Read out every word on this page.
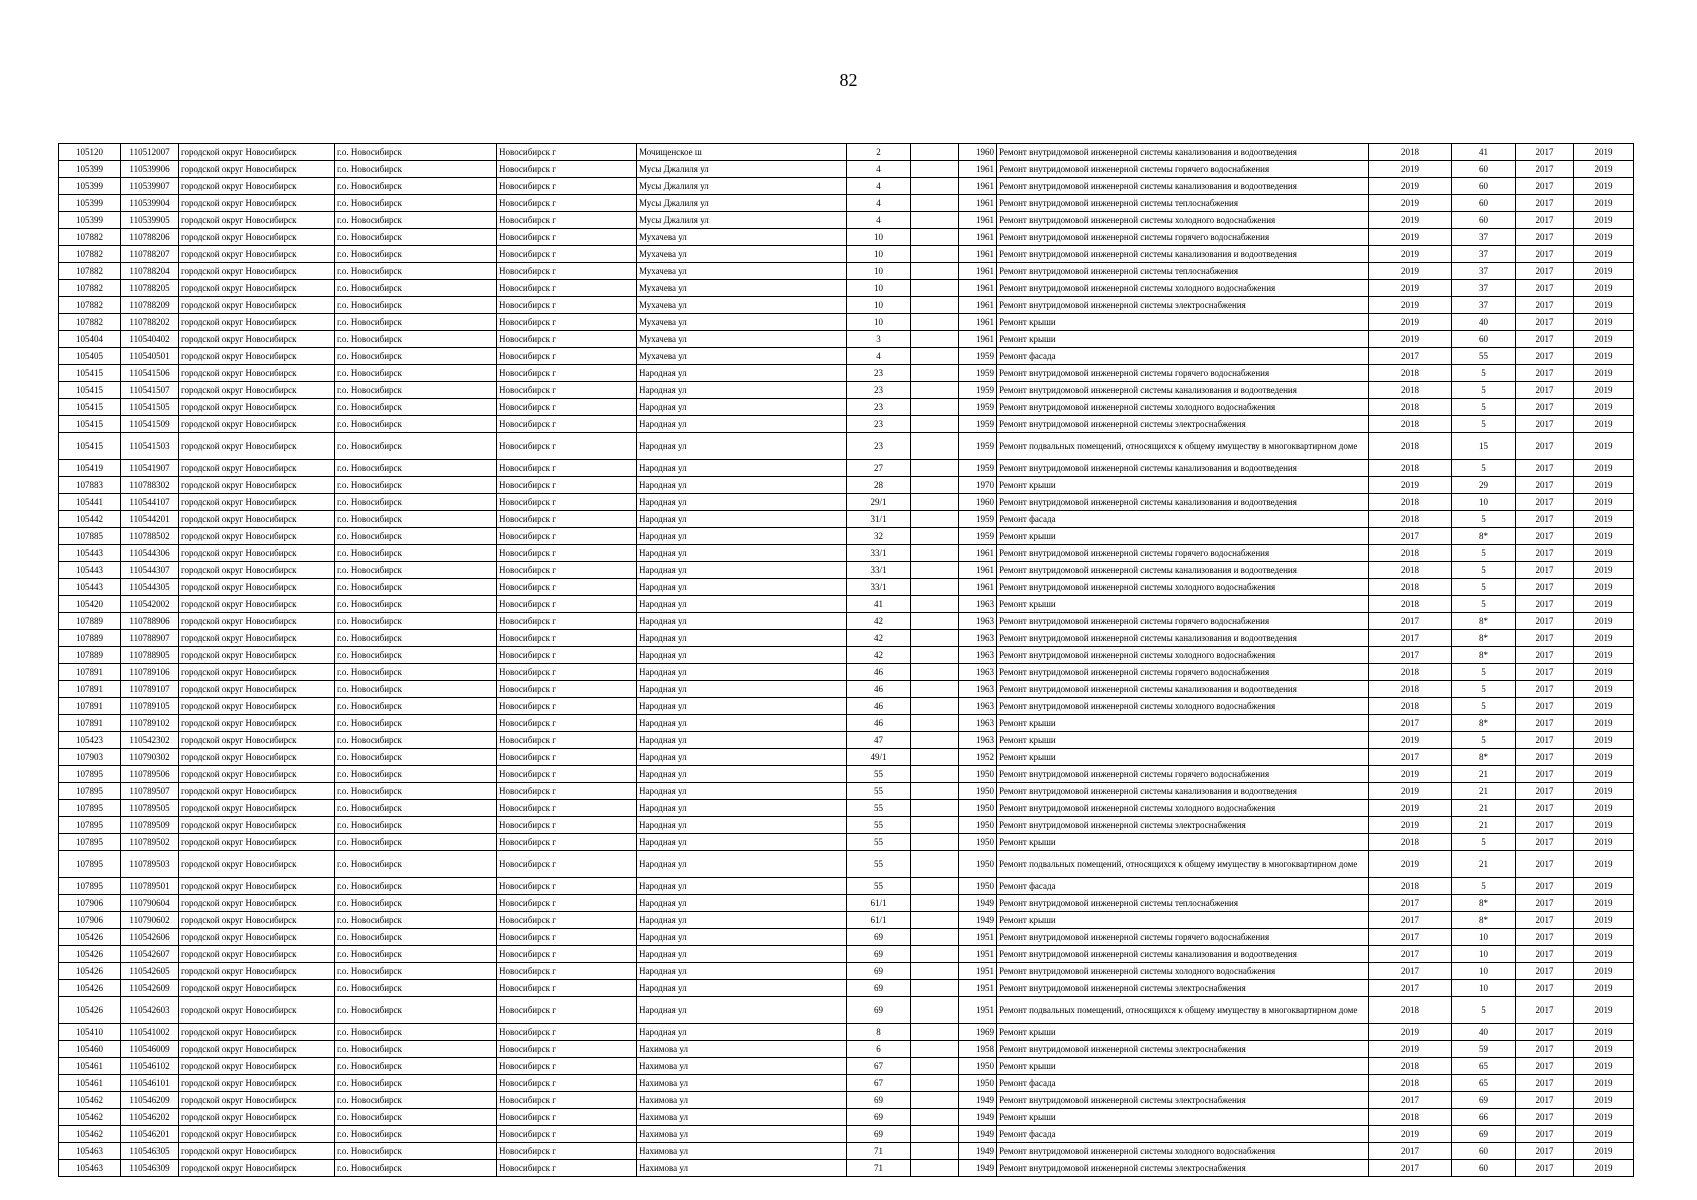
82
105120	110512007	городской округ Новосибирск	г.о. Новосибирск	Новосибирск г	Мочищенское ш	2		1960	Ремонт внутридомовой инженерной системы канализования и водоотведения	2018	41	2017	2019
105399	110539906	городской округ Новосибирск	г.о. Новосибирск	Новосибирск г	Мусы Джалиля ул	4		1961	Ремонт внутридомовой инженерной системы горячего водоснабжения	2019	60	2017	2019
105399	110539907	городской округ Новосибирск	г.о. Новосибирск	Новосибирск г	Мусы Джалиля ул	4		1961	Ремонт внутридомовой инженерной системы канализования и водоотведения	2019	60	2017	2019
105399	110539904	городской округ Новосибирск	г.о. Новосибирск	Новосибирск г	Мусы Джалиля ул	4		1961	Ремонт внутридомовой инженерной системы теплоснабжения	2019	60	2017	2019
105399	110539905	городской округ Новосибирск	г.о. Новосибирск	Новосибирск г	Мусы Джалиля ул	4		1961	Ремонт внутридомовой инженерной системы холодного водоснабжения	2019	60	2017	2019
107882	110788206	городской округ Новосибирск	г.о. Новосибирск	Новосибирск г	Мухачева ул	10		1961	Ремонт внутридомовой инженерной системы горячего водоснабжения	2019	37	2017	2019
107882	110788207	городской округ Новосибирск	г.о. Новосибирск	Новосибирск г	Мухачева ул	10		1961	Ремонт внутридомовой инженерной системы канализования и водоотведения	2019	37	2017	2019
107882	110788204	городской округ Новосибирск	г.о. Новосибирск	Новосибирск г	Мухачева ул	10		1961	Ремонт внутридомовой инженерной системы теплоснабжения	2019	37	2017	2019
107882	110788205	городской округ Новосибирск	г.о. Новосибирск	Новосибирск г	Мухачева ул	10		1961	Ремонт внутридомовой инженерной системы холодного водоснабжения	2019	37	2017	2019
107882	110788209	городской округ Новосибирск	г.о. Новосибирск	Новосибирск г	Мухачева ул	10		1961	Ремонт внутридомовой инженерной системы электроснабжения	2019	37	2017	2019
107882	110788202	городской округ Новосибирск	г.о. Новосибирск	Новосибирск г	Мухачева ул	10		1961	Ремонт крыши	2019	40	2017	2019
105404	110540402	городской округ Новосибирск	г.о. Новосибирск	Новосибирск г	Мухачева ул	3		1961	Ремонт крыши	2019	60	2017	2019
105405	110540501	городской округ Новосибирск	г.о. Новосибирск	Новосибирск г	Мухачева ул	4		1959	Ремонт фасада	2017	55	2017	2019
105415	110541506	городской округ Новосибирск	г.о. Новосибирск	Новосибирск г	Народная ул	23		1959	Ремонт внутридомовой инженерной системы горячего водоснабжения	2018	5	2017	2019
105415	110541507	городской округ Новосибирск	г.о. Новосибирск	Новосибирск г	Народная ул	23		1959	Ремонт внутридомовой инженерной системы канализования и водоотведения	2018	5	2017	2019
105415	110541505	городской округ Новосибирск	г.о. Новосибирск	Новосибирск г	Народная ул	23		1959	Ремонт внутридомовой инженерной системы холодного водоснабжения	2018	5	2017	2019
105415	110541509	городской округ Новосибирск	г.о. Новосибирск	Новосибирск г	Народная ул	23		1959	Ремонт внутридомовой инженерной системы электроснабжения	2018	5	2017	2019
105415	110541503	городской округ Новосибирск	г.о. Новосибирск	Новосибирск г	Народная ул	23		1959	Ремонт подвальных помещений, относящихся к общему имуществу в многоквартирном доме	2018	15	2017	2019
105419	110541907	городской округ Новосибирск	г.о. Новосибирск	Новосибирск г	Народная ул	27		1959	Ремонт внутридомовой инженерной системы канализования и водоотведения	2018	5	2017	2019
107883	110788302	городской округ Новосибирск	г.о. Новосибирск	Новосибирск г	Народная ул	28		1970	Ремонт крыши	2019	29	2017	2019
105441	110544107	городской округ Новосибирск	г.о. Новосибирск	Новосибирск г	Народная ул	29/1		1960	Ремонт внутридомовой инженерной системы канализования и водоотведения	2018	10	2017	2019
105442	110544201	городской округ Новосибирск	г.о. Новосибирск	Новосибирск г	Народная ул	31/1		1959	Ремонт фасада	2018	5	2017	2019
107885	110788502	городской округ Новосибирск	г.о. Новосибирск	Новосибирск г	Народная ул	32		1959	Ремонт крыши	2017	8*	2017	2019
105443	110544306	городской округ Новосибирск	г.о. Новосибирск	Новосибирск г	Народная ул	33/1		1961	Ремонт внутридомовой инженерной системы горячего водоснабжения	2018	5	2017	2019
105443	110544307	городской округ Новосибирск	г.о. Новосибирск	Новосибирск г	Народная ул	33/1		1961	Ремонт внутридомовой инженерной системы канализования и водоотведения	2018	5	2017	2019
105443	110544305	городской округ Новосибирск	г.о. Новосибирск	Новосибирск г	Народная ул	33/1		1961	Ремонт внутридомовой инженерной системы холодного водоснабжения	2018	5	2017	2019
105420	110542002	городской округ Новосибирск	г.о. Новосибирск	Новосибирск г	Народная ул	41		1963	Ремонт крыши	2018	5	2017	2019
107889	110788906	городской округ Новосибирск	г.о. Новосибирск	Новосибирск г	Народная ул	42		1963	Ремонт внутридомовой инженерной системы горячего водоснабжения	2017	8*	2017	2019
107889	110788907	городской округ Новосибирск	г.о. Новосибирск	Новосибирск г	Народная ул	42		1963	Ремонт внутридомовой инженерной системы канализования и водоотведения	2017	8*	2017	2019
107889	110788905	городской округ Новосибирск	г.о. Новосибирск	Новосибирск г	Народная ул	42		1963	Ремонт внутридомовой инженерной системы холодного водоснабжения	2017	8*	2017	2019
107891	110789106	городской округ Новосибирск	г.о. Новосибирск	Новосибирск г	Народная ул	46		1963	Ремонт внутридомовой инженерной системы горячего водоснабжения	2018	5	2017	2019
107891	110789107	городской округ Новосибирск	г.о. Новосибирск	Новосибирск г	Народная ул	46		1963	Ремонт внутридомовой инженерной системы канализования и водоотведения	2018	5	2017	2019
107891	110789105	городской округ Новосибирск	г.о. Новосибирск	Новосибирск г	Народная ул	46		1963	Ремонт внутридомовой инженерной системы холодного водоснабжения	2018	5	2017	2019
107891	110789102	городской округ Новосибирск	г.о. Новосибирск	Новосибирск г	Народная ул	46		1963	Ремонт крыши	2017	8*	2017	2019
105423	110542302	городской округ Новосибирск	г.о. Новосибирск	Новосибирск г	Народная ул	47		1963	Ремонт крыши	2019	5	2017	2019
107903	110790302	городской округ Новосибирск	г.о. Новосибирск	Новосибирск г	Народная ул	49/1		1952	Ремонт крыши	2017	8*	2017	2019
107895	110789506	городской округ Новосибирск	г.о. Новосибирск	Новосибирск г	Народная ул	55		1950	Ремонт внутридомовой инженерной системы горячего водоснабжения	2019	21	2017	2019
107895	110789507	городской округ Новосибирск	г.о. Новосибирск	Новосибирск г	Народная ул	55		1950	Ремонт внутридомовой инженерной системы канализования и водоотведения	2019	21	2017	2019
107895	110789505	городской округ Новосибирск	г.о. Новосибирск	Новосибирск г	Народная ул	55		1950	Ремонт внутридомовой инженерной системы холодного водоснабжения	2019	21	2017	2019
107895	110789509	городской округ Новосибирск	г.о. Новосибирск	Новосибирск г	Народная ул	55		1950	Ремонт внутридомовой инженерной системы электроснабжения	2019	21	2017	2019
107895	110789502	городской округ Новосибирск	г.о. Новосибирск	Новосибирск г	Народная ул	55		1950	Ремонт крыши	2018	5	2017	2019
107895	110789503	городской округ Новосибирск	г.о. Новосибирск	Новосибирск г	Народная ул	55		1950	Ремонт подвальных помещений, относящихся к общему имуществу в многоквартирном доме	2019	21	2017	2019
107895	110789501	городской округ Новосибирск	г.о. Новосибирск	Новосибирск г	Народная ул	55		1950	Ремонт фасада	2018	5	2017	2019
107906	110790604	городской округ Новосибирск	г.о. Новосибирск	Новосибирск г	Народная ул	61/1		1949	Ремонт внутридомовой инженерной системы теплоснабжения	2017	8*	2017	2019
107906	110790602	городской округ Новосибирск	г.о. Новосибирск	Новосибирск г	Народная ул	61/1		1949	Ремонт крыши	2017	8*	2017	2019
105426	110542606	городской округ Новосибирск	г.о. Новосибирск	Новосибирск г	Народная ул	69		1951	Ремонт внутридомовой инженерной системы горячего водоснабжения	2017	10	2017	2019
105426	110542607	городской округ Новосибирск	г.о. Новосибирск	Новосибирск г	Народная ул	69		1951	Ремонт внутридомовой инженерной системы канализования и водоотведения	2017	10	2017	2019
105426	110542605	городской округ Новосибирск	г.о. Новосибирск	Новосибирск г	Народная ул	69		1951	Ремонт внутридомовой инженерной системы холодного водоснабжения	2017	10	2017	2019
105426	110542609	городской округ Новосибирск	г.о. Новосибирск	Новосибирск г	Народная ул	69		1951	Ремонт внутридомовой инженерной системы электроснабжения	2017	10	2017	2019
105426	110542603	городской округ Новосибирск	г.о. Новосибирск	Новосибирск г	Народная ул	69		1951	Ремонт подвальных помещений, относящихся к общему имуществу в многоквартирном доме	2018	5	2017	2019
105410	110541002	городской округ Новосибирск	г.о. Новосибирск	Новосибирск г	Народная ул	8		1969	Ремонт крыши	2019	40	2017	2019
105460	110546009	городской округ Новосибирск	г.о. Новосибирск	Новосибирск г	Нахимова ул	6		1958	Ремонт внутридомовой инженерной системы электроснабжения	2019	59	2017	2019
105461	110546102	городской округ Новосибирск	г.о. Новосибирск	Новосибирск г	Нахимова ул	67		1950	Ремонт крыши	2018	65	2017	2019
105461	110546101	городской округ Новосибирск	г.о. Новосибирск	Новосибирск г	Нахимова ул	67		1950	Ремонт фасада	2018	65	2017	2019
105462	110546209	городской округ Новосибирск	г.о. Новосибирск	Новосибирск г	Нахимова ул	69		1949	Ремонт внутридомовой инженерной системы электроснабжения	2017	69	2017	2019
105462	110546202	городской округ Новосибирск	г.о. Новосибирск	Новосибирск г	Нахимова ул	69		1949	Ремонт крыши	2018	66	2017	2019
105462	110546201	городской округ Новосибирск	г.о. Новосибирск	Новосибирск г	Нахимова ул	69		1949	Ремонт фасада	2019	69	2017	2019
105463	110546305	городской округ Новосибирск	г.о. Новосибирск	Новосибирск г	Нахимова ул	71		1949	Ремонт внутридомовой инженерной системы холодного водоснабжения	2017	60	2017	2019
105463	110546309	городской округ Новосибирск	г.о. Новосибирск	Новосибирск г	Нахимова ул	71		1949	Ремонт внутридомовой инженерной системы электроснабжения	2017	60	2017	2019
